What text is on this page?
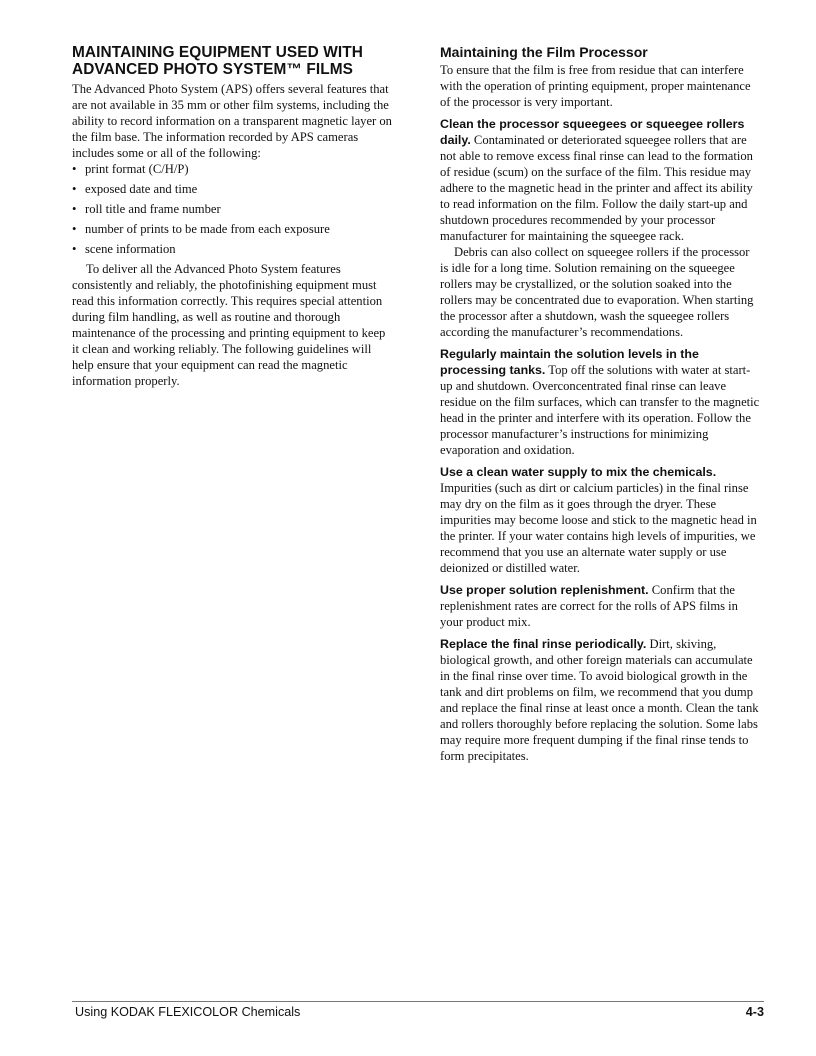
MAINTAINING EQUIPMENT USED WITH
ADVANCED PHOTO SYSTEM™ FILMS

The Advanced Photo System (APS) offers several features that are not available in 35 mm or other film systems, including the ability to record information on a transparent magnetic layer on the film base. The information recorded by APS cameras includes some or all of the following:

• print format (C/H/P)
• exposed date and time
• roll title and frame number
• number of prints to be made from each exposure
• scene information

To deliver all the Advanced Photo System features consistently and reliably, the photofinishing equipment must read this information correctly. This requires special attention during film handling, as well as routine and thorough maintenance of the processing and printing equipment to keep it clean and working reliably. The following guidelines will help ensure that your equipment can read the magnetic information properly.

Maintaining the Film Processor

To ensure that the film is free from residue that can interfere with the operation of printing equipment, proper maintenance of the processor is very important.

Clean the processor squeegees or squeegee rollers daily. Contaminated or deteriorated squeegee rollers that are not able to remove excess final rinse can lead to the formation of residue (scum) on the surface of the film. This residue may adhere to the magnetic head in the printer and affect its ability to read information on the film. Follow the daily start-up and shutdown procedures recommended by your processor manufacturer for maintaining the squeegee rack.

Debris can also collect on squeegee rollers if the processor is idle for a long time. Solution remaining on the squeegee rollers may be crystallized, or the solution soaked into the rollers may be concentrated due to evaporation. When starting the processor after a shutdown, wash the squeegee rollers according the manufacturer’s recommendations.

Regularly maintain the solution levels in the processing tanks. Top off the solutions with water at start-up and shutdown. Overconcentrated final rinse can leave residue on the film surfaces, which can transfer to the magnetic head in the printer and interfere with its operation. Follow the processor manufacturer’s instructions for minimizing evaporation and oxidation.

Use a clean water supply to mix the chemicals. Impurities (such as dirt or calcium particles) in the final rinse may dry on the film as it goes through the dryer. These impurities may become loose and stick to the magnetic head in the printer. If your water contains high levels of impurities, we recommend that you use an alternate water supply or use deionized or distilled water.

Use proper solution replenishment. Confirm that the replenishment rates are correct for the rolls of APS films in your product mix.

Replace the final rinse periodically. Dirt, skiving, biological growth, and other foreign materials can accumulate in the final rinse over time. To avoid biological growth in the tank and dirt problems on film, we recommend that you dump and replace the final rinse at least once a month. Clean the tank and rollers thoroughly before replacing the solution. Some labs may require more frequent dumping if the final rinse tends to form precipitates.

Using KODAK FLEXICOLOR Chemicals	4-3
